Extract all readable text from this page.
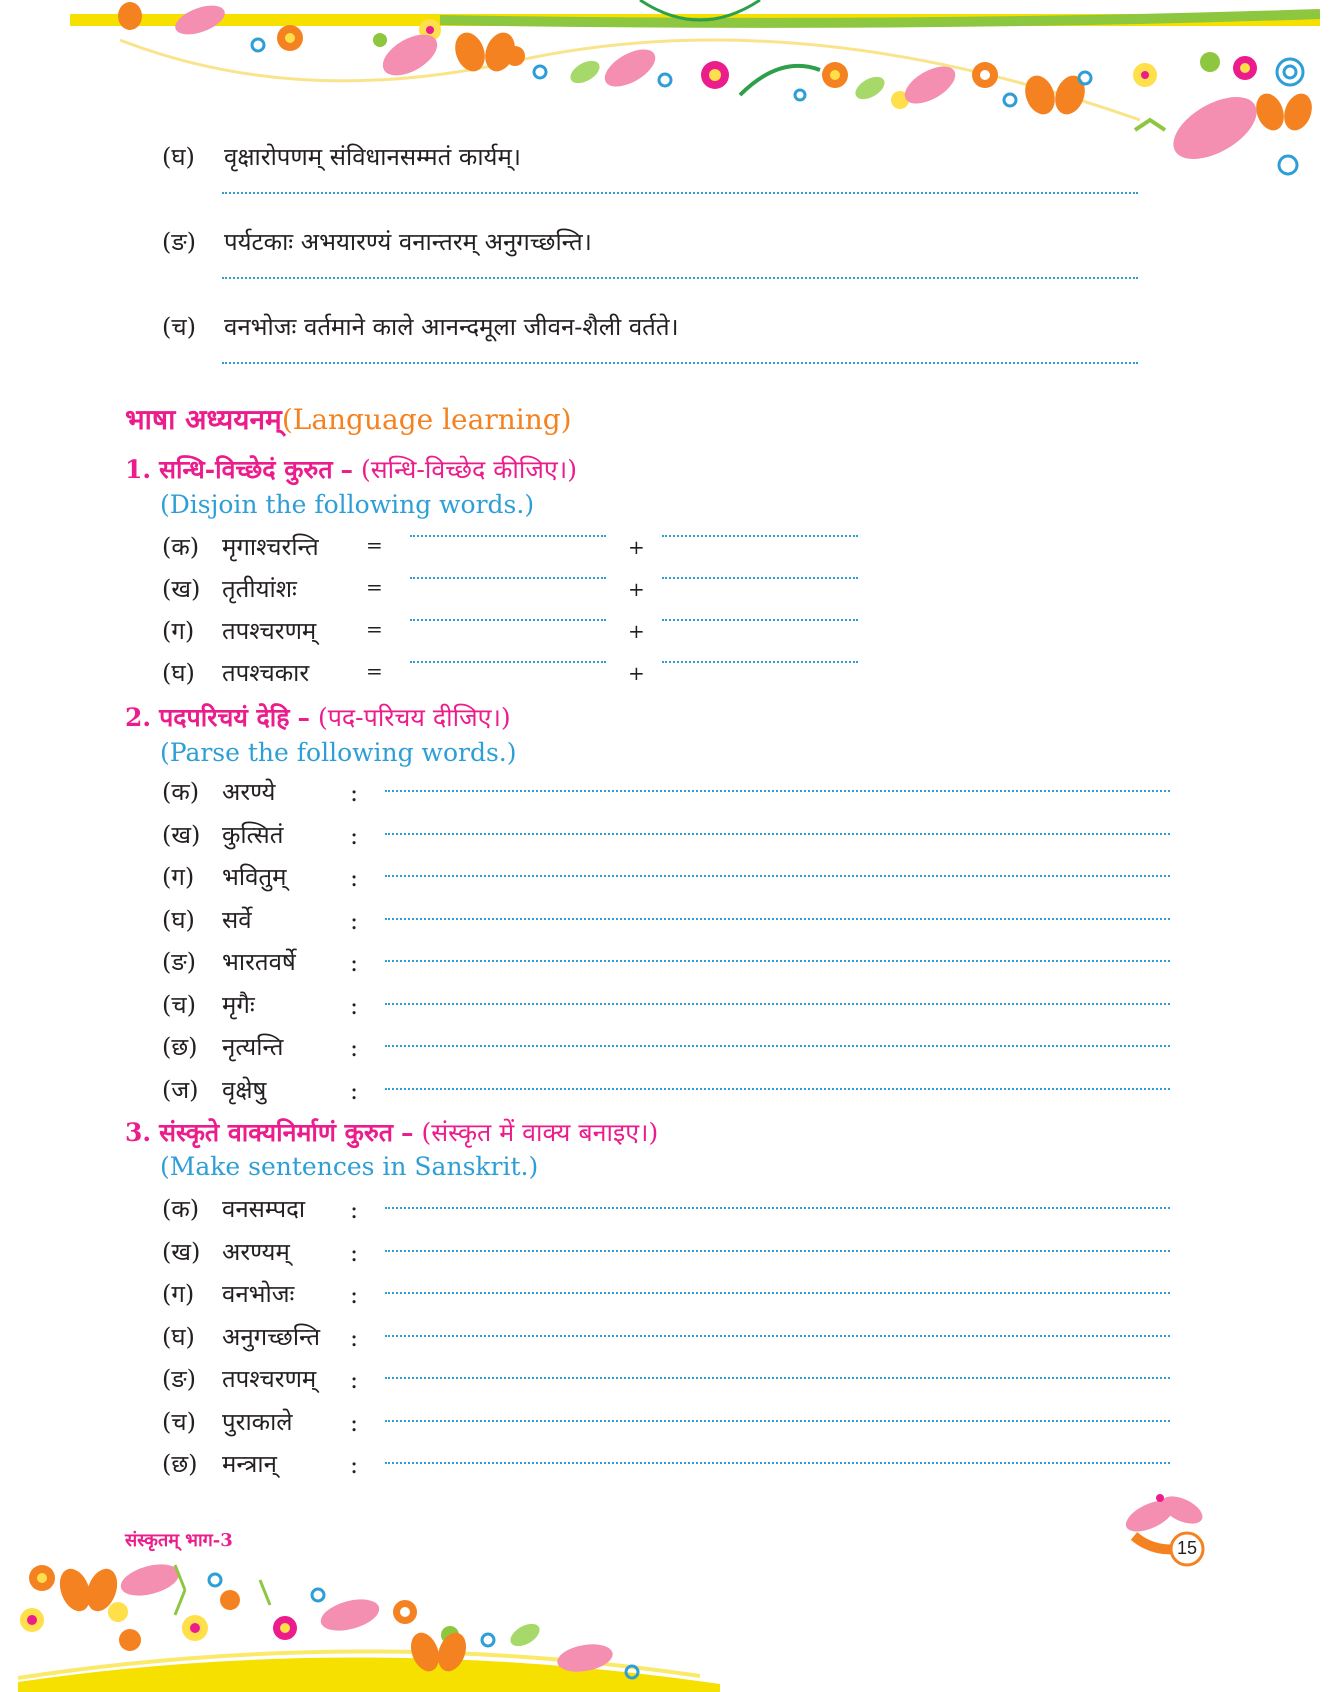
(घ) वृक्षारोपणम् संविधानसम्मतं कार्यम्।
(ङ) पर्यटकाः अभयारण्यं वनान्तरम् अनुगच्छन्ति।
(च) वनभोजः वर्तमाने काले आनन्दमूला जीवन-शैली वर्तते।
भाषा अध्ययनम्(Language learning)
1. सन्धि-विच्छेदं कुरुत – (सन्धि-विच्छेद कीजिए।)
(Disjoin the following words.)
2. पदपरिचयं देहि – (पद-परिचय दीजिए।)
(Parse the following words.)
3. संस्कृते वाक्यनिर्माणं कुरुत – (संस्कृत में वाक्य बनाइए।)
(Make sentences in Sanskrit.)
संस्कृतम् भाग-3	15
(क) मृगाश्चरन्ति =	+
(ख) तृतीयांशः	=	+
(ग) तपश्चरणम् =	+
(घ) तपश्चकार	=	+
(क) अरण्ये	:
(ख) कुत्सितं	:
(ग) भवितुम्	:
(घ) सर्वे	:
(ङ) भारतवर्षे :
(च) मृगैः	:
(छ) नृत्यन्ति	:
(ज) वृक्षेषु	:
(क) वनसम्पदा :
(ख) अरण्यम्	:
(ग) वनभोजः :
(घ) अनुगच्छन्ति :
(ङ) तपश्चरणम् :
(च) पुराकाले :
(छ) मन्त्रान्	:
